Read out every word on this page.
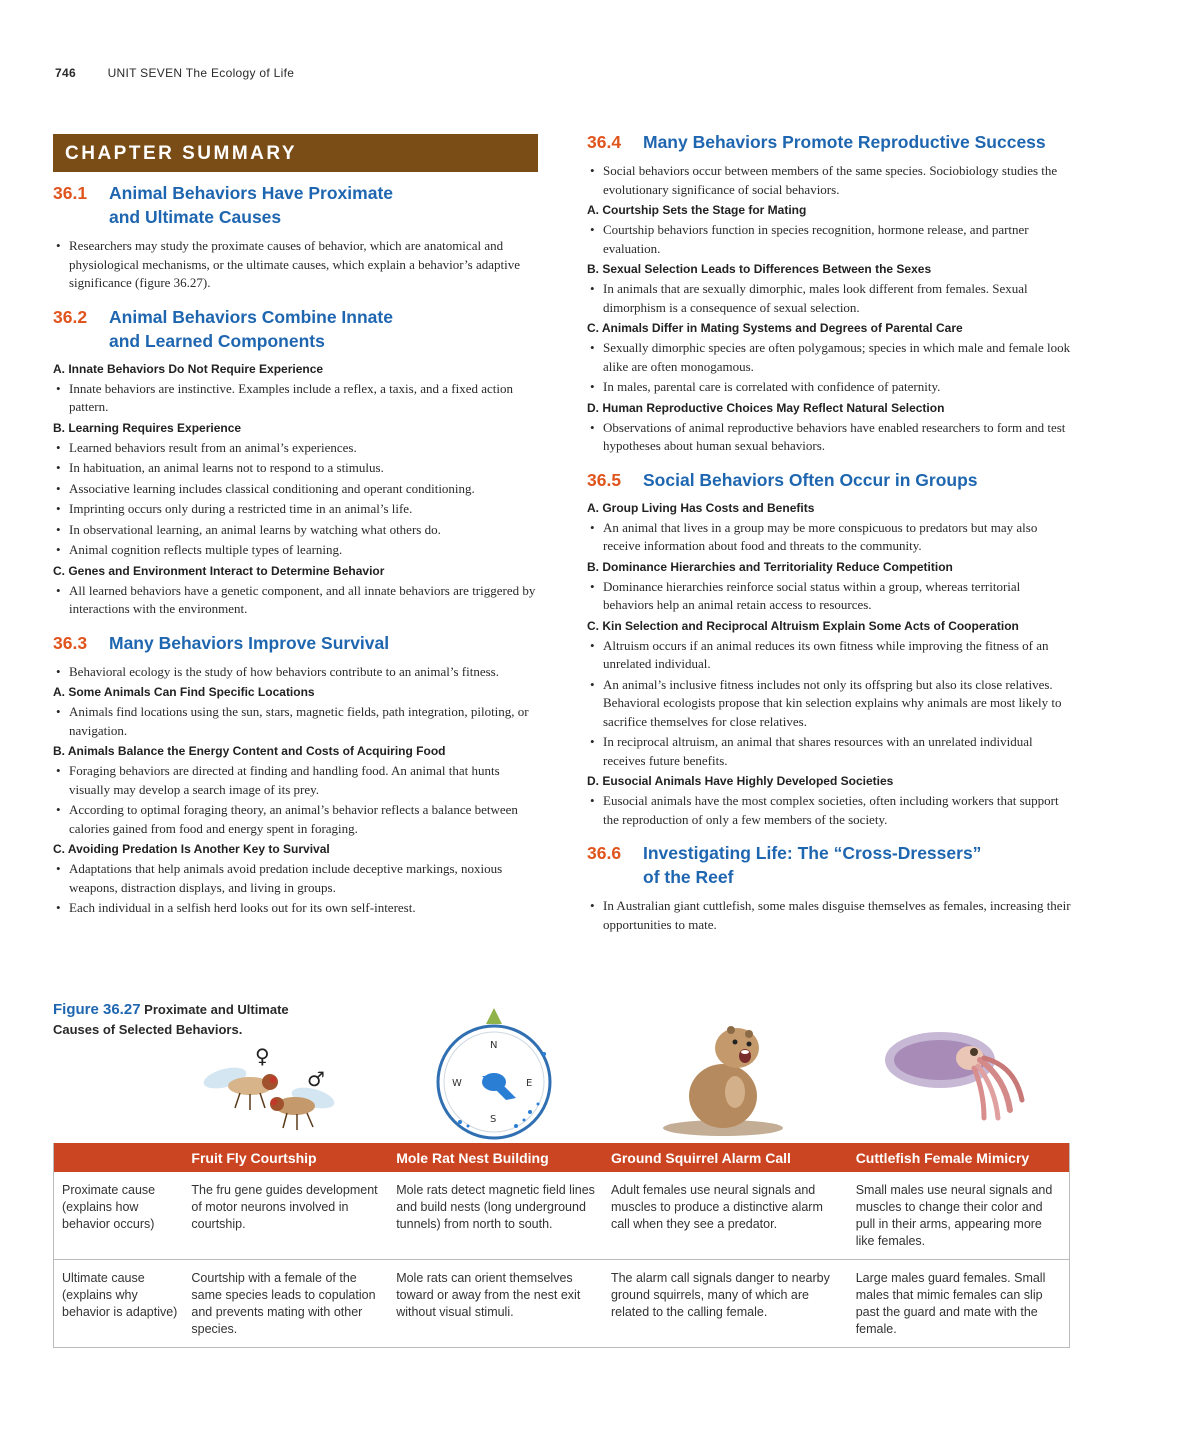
746	UNIT SEVEN The Ecology of Life
CHAPTER SUMMARY
36.1	Animal Behaviors Have Proximate
and Ultimate Causes
• Researchers may study the proximate causes of behavior, which are anatomical and physiological mechanisms, or the ultimate causes, which explain a behavior’s adaptive significance (figure 36.27).
36.2	Animal Behaviors Combine Innate
and Learned Components
A. Innate Behaviors Do Not Require Experience
• Innate behaviors are instinctive. Examples include a reflex, a taxis, and a fixed action pattern.
B. Learning Requires Experience
• Learned behaviors result from an animal’s experiences.
• In habituation, an animal learns not to respond to a stimulus.
• Associative learning includes classical conditioning and operant conditioning.
• Imprinting occurs only during a restricted time in an animal’s life.
• In observational learning, an animal learns by watching what others do.
• Animal cognition reflects multiple types of learning.
C. Genes and Environment Interact to Determine Behavior
• All learned behaviors have a genetic component, and all innate behaviors are triggered by interactions with the environment.
36.3	Many Behaviors Improve Survival
• Behavioral ecology is the study of how behaviors contribute to an animal’s fitness.
A. Some Animals Can Find Specific Locations
• Animals find locations using the sun, stars, magnetic fields, path integration, piloting, or navigation.
B. Animals Balance the Energy Content and Costs of Acquiring Food
• Foraging behaviors are directed at finding and handling food. An animal that hunts visually may develop a search image of its prey.
• According to optimal foraging theory, an animal’s behavior reflects a balance between calories gained from food and energy spent in foraging.
C. Avoiding Predation Is Another Key to Survival
• Adaptations that help animals avoid predation include deceptive markings, noxious weapons, distraction displays, and living in groups.
• Each individual in a selfish herd looks out for its own self-interest.
36.4	Many Behaviors Promote Reproductive Success
• Social behaviors occur between members of the same species. Sociobiology studies the evolutionary significance of social behaviors.
A. Courtship Sets the Stage for Mating
• Courtship behaviors function in species recognition, hormone release, and partner evaluation.
B. Sexual Selection Leads to Differences Between the Sexes
• In animals that are sexually dimorphic, males look different from females. Sexual dimorphism is a consequence of sexual selection.
C. Animals Differ in Mating Systems and Degrees of Parental Care
• Sexually dimorphic species are often polygamous; species in which male and female look alike are often monogamous.
• In males, parental care is correlated with confidence of paternity.
D. Human Reproductive Choices May Reflect Natural Selection
• Observations of animal reproductive behaviors have enabled researchers to form and test hypotheses about human sexual behaviors.
36.5	Social Behaviors Often Occur in Groups
A. Group Living Has Costs and Benefits
• An animal that lives in a group may be more conspicuous to predators but may also receive information about food and threats to the community.
B. Dominance Hierarchies and Territoriality Reduce Competition
• Dominance hierarchies reinforce social status within a group, whereas territorial behaviors help an animal retain access to resources.
C. Kin Selection and Reciprocal Altruism Explain Some Acts of Cooperation
• Altruism occurs if an animal reduces its own fitness while improving the fitness of an unrelated individual.
• An animal’s inclusive fitness includes not only its offspring but also its close relatives. Behavioral ecologists propose that kin selection explains why animals are most likely to sacrifice themselves for close relatives.
• In reciprocal altruism, an animal that shares resources with an unrelated individual receives future benefits.
D. Eusocial Animals Have Highly Developed Societies
• Eusocial animals have the most complex societies, often including workers that support the reproduction of only a few members of the society.
36.6	Investigating Life: The “Cross-Dressers”
of the Reef
• In Australian giant cuttlefish, some males disguise themselves as females, increasing their opportunities to mate.
Figure 36.27 Proximate and Ultimate
Causes of Selected Behaviors.
♀
♂
N
S
E
W
	Fruit Fly Courtship	Mole Rat Nest Building	Ground Squirrel Alarm Call	Cuttlefish Female Mimicry
Proximate cause (explains how behavior occurs)	The fru gene guides development of motor neurons involved in courtship.	Mole rats detect magnetic field lines and build nests (long underground tunnels) from north to south.	Adult females use neural signals and muscles to produce a distinctive alarm call when they see a predator.	Small males use neural signals and muscles to change their color and pull in their arms, appearing more like females.
Ultimate cause (explains why behavior is adaptive)	Courtship with a female of the same species leads to copulation and prevents mating with other species.	Mole rats can orient themselves toward or away from the nest exit without visual stimuli.	The alarm call signals danger to nearby ground squirrels, many of which are related to the calling female.	Large males guard females. Small males that mimic females can slip past the guard and mate with the female.
